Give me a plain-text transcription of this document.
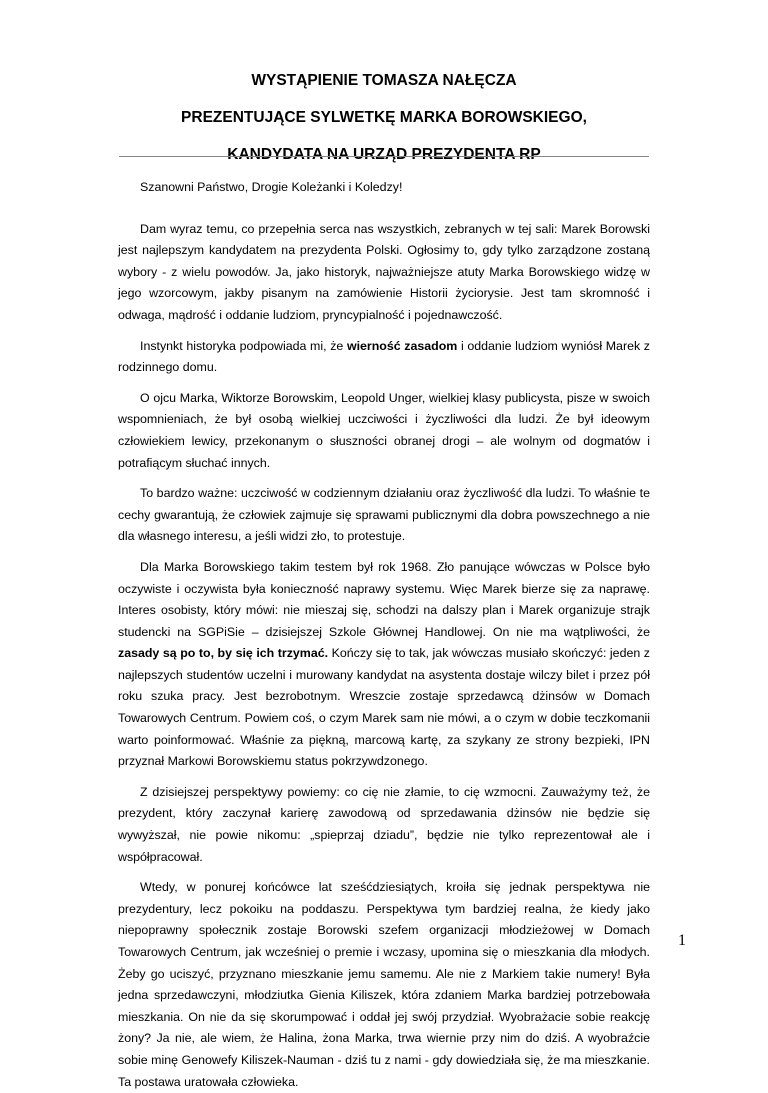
WYSTĄPIENIE TOMASZA NAŁĘCZA
PREZENTUJĄCE SYLWETKĘ MARKA BOROWSKIEGO,
KANDYDATA NA URZĄD PREZYDENTA RP

Szanowni Państwo, Drogie Koleżanki i Koledzy!

Dam wyraz temu, co przepełnia serca nas wszystkich, zebranych w tej sali: Marek Borowski jest najlepszym kandydatem na prezydenta Polski. Ogłosimy to, gdy tylko zarządzone zostaną wybory - z wielu powodów. Ja, jako historyk, najważniejsze atuty Marka Borowskiego widzę w jego wzorcowym, jakby pisanym na zamówienie Historii życiorysie. Jest tam skromność i odwaga, mądrość i oddanie ludziom, pryncypialność i pojednawczość.

Instynkt historyka podpowiada mi, że wierność zasadom i oddanie ludziom wyniósł Marek z rodzinnego domu.

O ojcu Marka, Wiktorze Borowskim, Leopold Unger, wielkiej klasy publicysta, pisze w swoich wspomnieniach, że był osobą wielkiej uczciwości i życzliwości dla ludzi. Że był ideowym człowiekiem lewicy, przekonanym o słuszności obranej drogi – ale wolnym od dogmatów i potrafiącym słuchać innych.

To bardzo ważne: uczciwość w codziennym działaniu oraz życzliwość dla ludzi. To właśnie te cechy gwarantują, że człowiek zajmuje się sprawami publicznymi dla dobra powszechnego a nie dla własnego interesu, a jeśli widzi zło, to protestuje.

Dla Marka Borowskiego takim testem był rok 1968. Zło panujące wówczas w Polsce było oczywiste i oczywista była konieczność naprawy systemu. Więc Marek bierze się za naprawę. Interes osobisty, który mówi: nie mieszaj się, schodzi na dalszy plan i Marek organizuje strajk studencki na SGPiSie – dzisiejszej Szkole Głównej Handlowej. On nie ma wątpliwości, że zasady są po to, by się ich trzymać. Kończy się to tak, jak wówczas musiało skończyć: jeden z najlepszych studentów uczelni i murowany kandydat na asystenta dostaje wilczy bilet i przez pół roku szuka pracy. Jest bezrobotnym. Wreszcie zostaje sprzedawcą dżinsów w Domach Towarowych Centrum. Powiem coś, o czym Marek sam nie mówi, a o czym w dobie teczkomanii warto poinformować. Właśnie za piękną, marcową kartę, za szykany ze strony bezpieki, IPN przyznał Markowi Borowskiemu status pokrzywdzonego.

Z dzisiejszej perspektywy powiemy: co cię nie złamie, to cię wzmocni. Zauważymy też, że prezydent, który zaczynał karierę zawodową od sprzedawania dżinsów nie będzie się wywyższał, nie powie nikomu: „spieprzaj dziadu”, będzie nie tylko reprezentował ale i współpracował.

Wtedy, w ponurej końcówce lat sześćdziesiątych, kroiła się jednak perspektywa nie prezydentury, lecz pokoiku na poddaszu. Perspektywa tym bardziej realna, że kiedy jako niepoprawny społecznik zostaje Borowski szefem organizacji młodzieżowej w Domach Towarowych Centrum, jak wcześniej o premie i wczasy, upomina się o mieszkania dla młodych. Żeby go uciszyć, przyznano mieszkanie jemu samemu. Ale nie z Markiem takie numery! Była jedna sprzedawczyni, młodziutka Gienia Kiliszek, która zdaniem Marka bardziej potrzebowała mieszkania. On nie da się skorumpować i oddał jej swój przydział. Wyobrażacie sobie reakcję żony? Ja nie, ale wiem, że Halina, żona Marka, trwa wiernie przy nim do dziś. A wyobraźcie sobie minę Genowefy Kiliszek-Nauman - dziś tu z nami - gdy dowiedziała się, że ma mieszkanie. Ta postawa uratowała człowieka.

1
